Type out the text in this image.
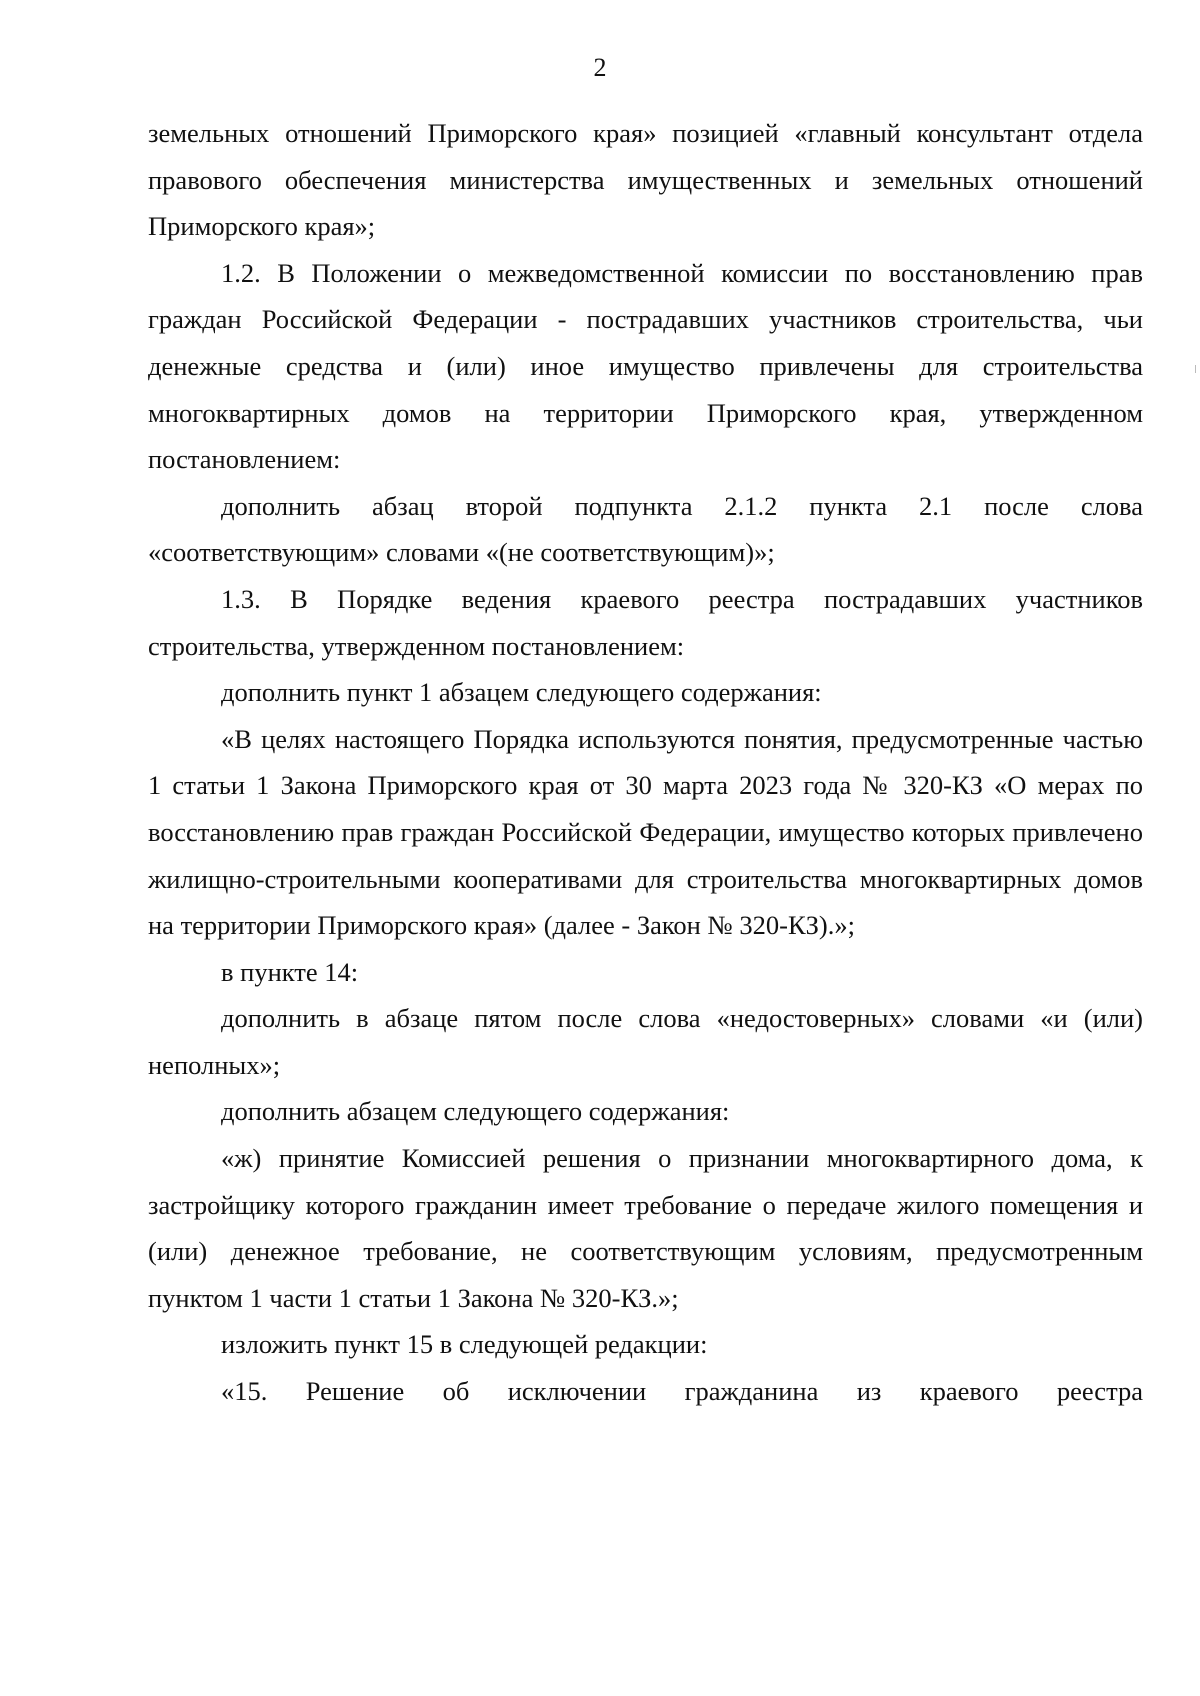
2

земельных отношений Приморского края» позицией «главный консультант отдела правового обеспечения министерства имущественных и земельных отношений Приморского края»;

1.2. В Положении о межведомственной комиссии по восстановлению прав граждан Российской Федерации - пострадавших участников строительства, чьи денежные средства и (или) иное имущество привлечены для строительства многоквартирных домов на территории Приморского края, утвержденном постановлением:

дополнить абзац второй подпункта 2.1.2 пункта 2.1 после слова «соответствующим» словами «(не соответствующим)»;

1.3. В Порядке ведения краевого реестра пострадавших участников строительства, утвержденном постановлением:

дополнить пункт 1 абзацем следующего содержания:

«В целях настоящего Порядка используются понятия, предусмотренные частью 1 статьи 1 Закона Приморского края от 30 марта 2023 года № 320-КЗ «О мерах по восстановлению прав граждан Российской Федерации, имущество которых привлечено жилищно-строительными кооперативами для строительства многоквартирных домов на территории Приморского края» (далее - Закон № 320-КЗ).»;

в пункте 14:

дополнить в абзаце пятом после слова «недостоверных» словами «и (или) неполных»;

дополнить абзацем следующего содержания:

«ж) принятие Комиссией решения о признании многоквартирного дома, к застройщику которого гражданин имеет требование о передаче жилого помещения и (или) денежное требование, не соответствующим условиям, предусмотренным пунктом 1 части 1 статьи 1 Закона № 320-КЗ.»;

изложить пункт 15 в следующей редакции:

«15. Решение об исключении гражданина из краевого реестра
